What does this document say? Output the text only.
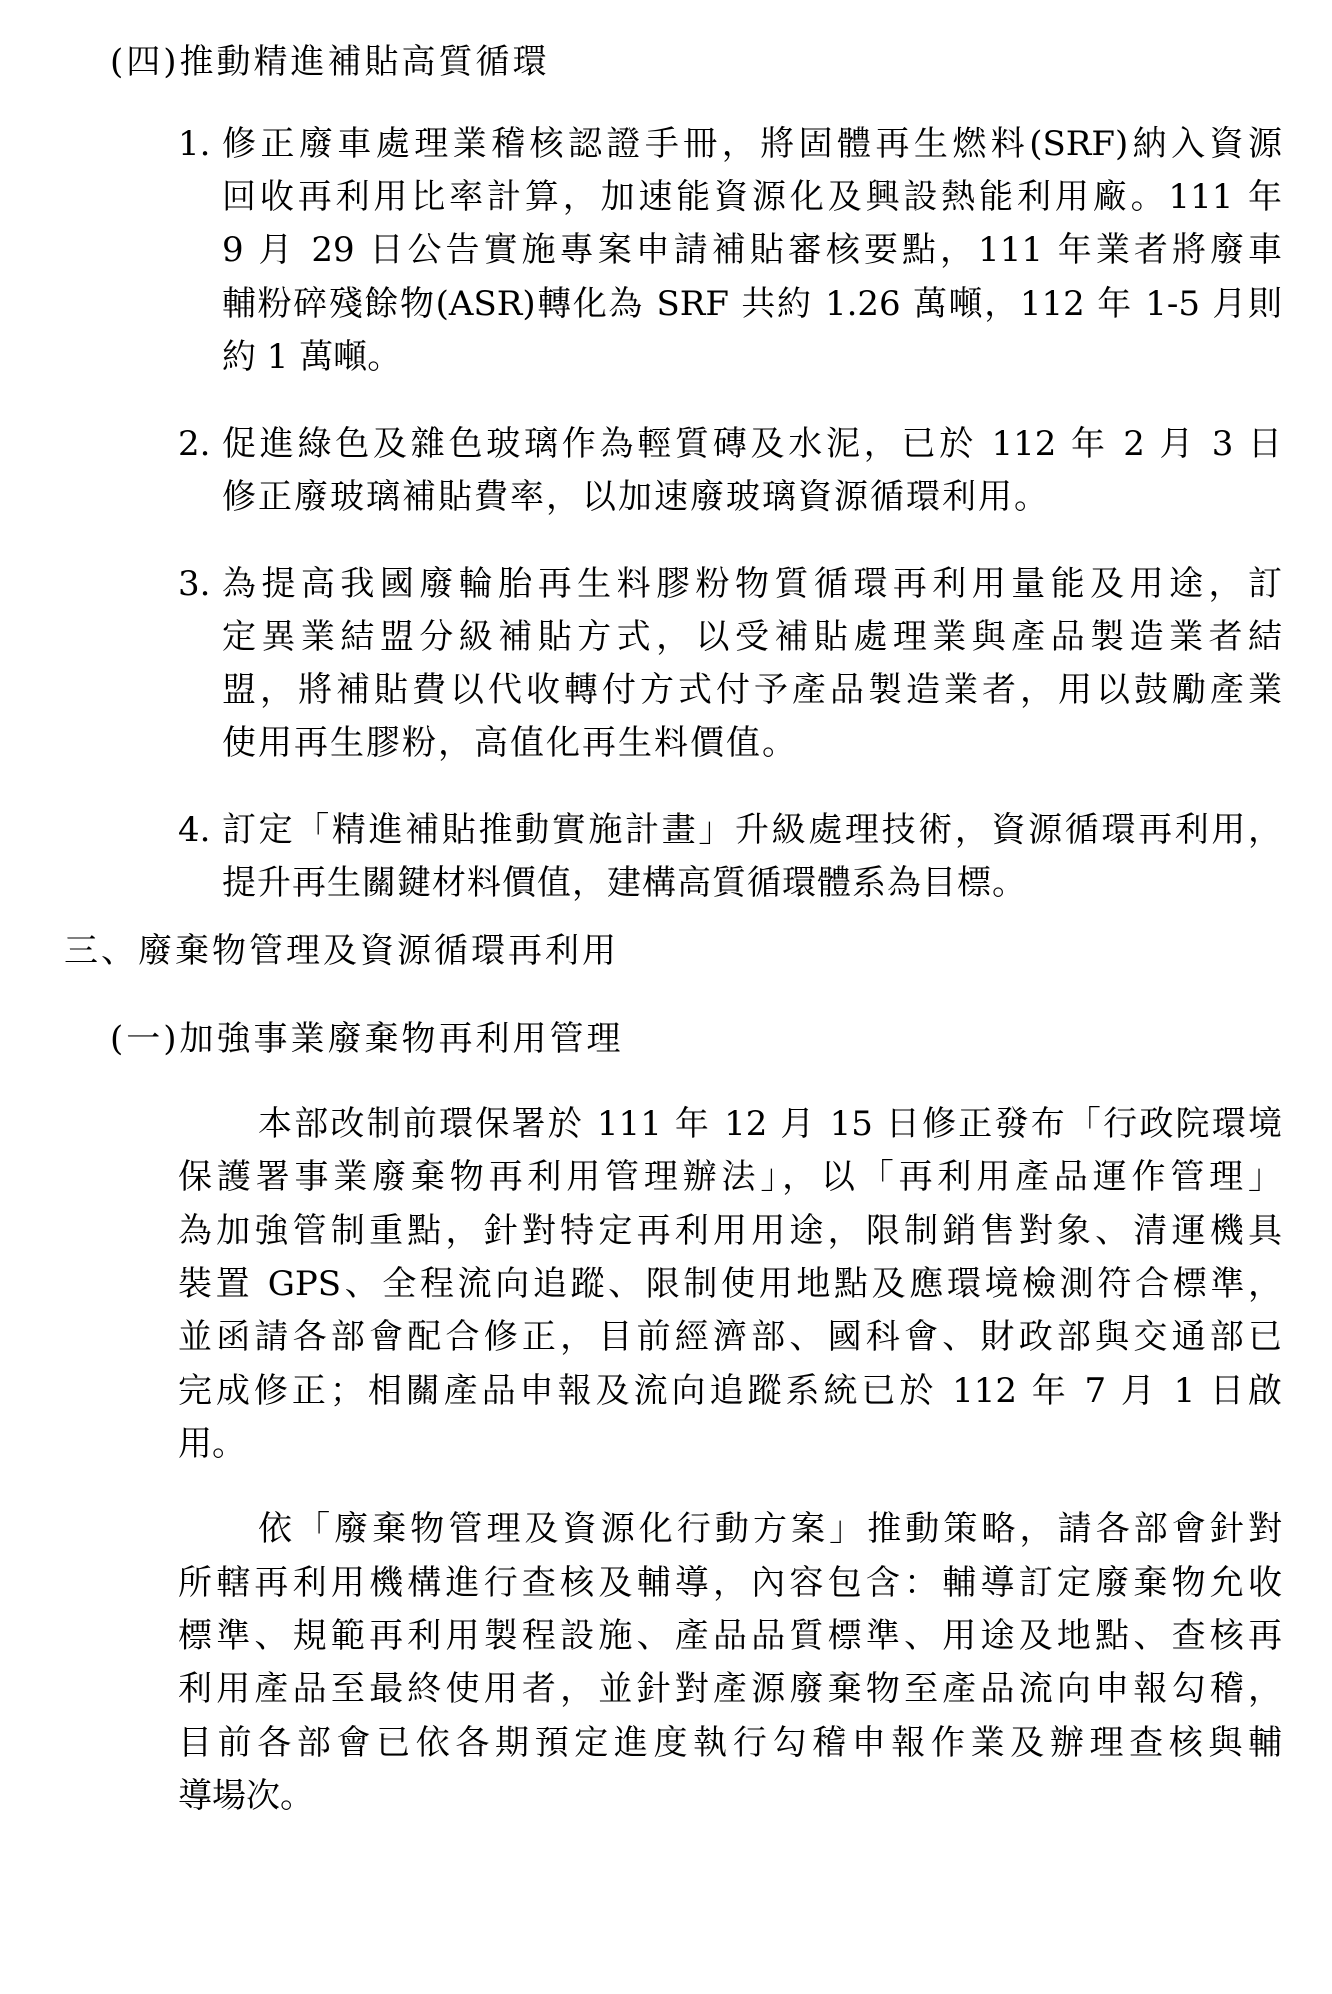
(四)推動精進補貼高質循環
1. 修正廢車處理業稽核認證手冊，將固體再生燃料(SRF)納入資源
回收再利用比率計算，加速能資源化及興設熱能利用廠。111 年
9 月 29 日公告實施專案申請補貼審核要點，111 年業者將廢車
輔粉碎殘餘物(ASR)轉化為 SRF 共約 1.26 萬噸，112 年 1-5 月則
約 1 萬噸。
2. 促進綠色及雜色玻璃作為輕質磚及水泥，已於 112 年 2 月 3 日
修正廢玻璃補貼費率，以加速廢玻璃資源循環利用。
3. 為提高我國廢輪胎再生料膠粉物質循環再利用量能及用途，訂
定異業結盟分級補貼方式，以受補貼處理業與產品製造業者結
盟，將補貼費以代收轉付方式付予產品製造業者，用以鼓勵產業
使用再生膠粉，高值化再生料價值。
4. 訂定「精進補貼推動實施計畫」升級處理技術，資源循環再利用，
提升再生關鍵材料價值，建構高質循環體系為目標。
三、廢棄物管理及資源循環再利用
(一)加強事業廢棄物再利用管理
本部改制前環保署於 111 年 12 月 15 日修正發布「行政院環境
保護署事業廢棄物再利用管理辦法」，以「再利用產品運作管理」
為加強管制重點，針對特定再利用用途，限制銷售對象、清運機具
裝置 GPS、全程流向追蹤、限制使用地點及應環境檢測符合標準，
並函請各部會配合修正，目前經濟部、國科會、財政部與交通部已
完成修正；相關產品申報及流向追蹤系統已於 112 年 7 月 1 日啟
用。
依「廢棄物管理及資源化行動方案」推動策略，請各部會針對
所轄再利用機構進行查核及輔導，內容包含：輔導訂定廢棄物允收
標準、規範再利用製程設施、產品品質標準、用途及地點、查核再
利用產品至最終使用者，並針對產源廢棄物至產品流向申報勾稽，
目前各部會已依各期預定進度執行勾稽申報作業及辦理查核與輔
導場次。
